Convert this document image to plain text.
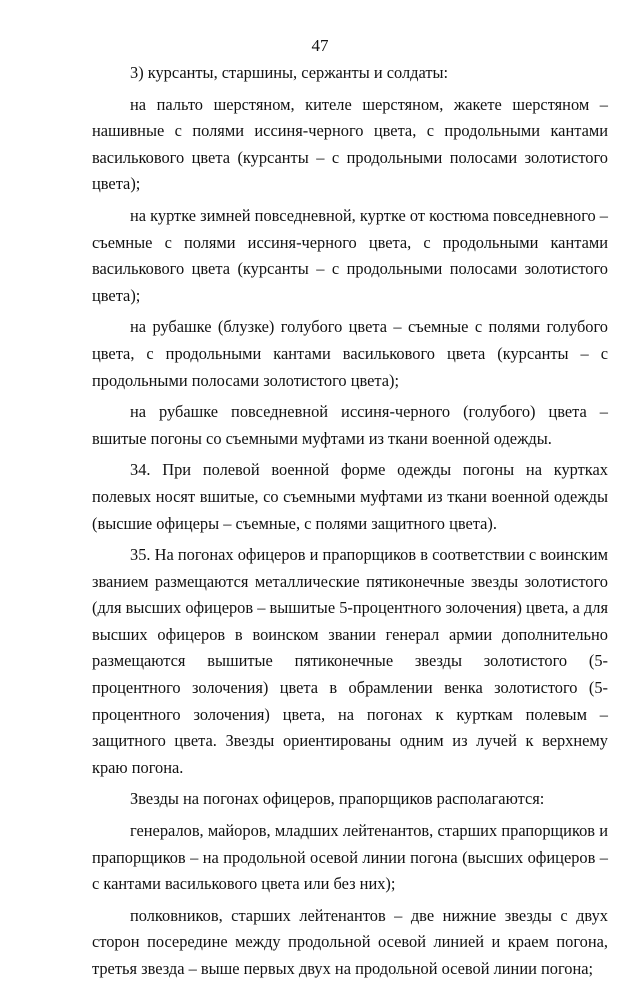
47

3) курсанты, старшины, сержанты и солдаты:

на пальто шерстяном, кителе шерстяном, жакете шерстяном – нашивные с полями иссиня-черного цвета, с продольными кантами василькового цвета (курсанты – с продольными полосами золотистого цвета);

на куртке зимней повседневной, куртке от костюма повседневного – съемные с полями иссиня-черного цвета, с продольными кантами василькового цвета (курсанты – с продольными полосами золотистого цвета);

на рубашке (блузке) голубого цвета – съемные с полями голубого цвета, с продольными кантами василькового цвета (курсанты – с продольными полосами золотистого цвета);

на рубашке повседневной иссиня-черного (голубого) цвета – вшитые погоны со съемными муфтами из ткани военной одежды.

34. При полевой военной форме одежды погоны на куртках полевых носят вшитые, со съемными муфтами из ткани военной одежды (высшие офицеры – съемные, с полями защитного цвета).

35. На погонах офицеров и прапорщиков в соответствии с воинским званием размещаются металлические пятиконечные звезды золотистого (для высших офицеров – вышитые 5-процентного золочения) цвета, а для высших офицеров в воинском звании генерал армии дополнительно размещаются вышитые пятиконечные звезды золотистого (5-процентного золочения) цвета в обрамлении венка золотистого (5-процентного золочения) цвета, на погонах к курткам полевым – защитного цвета. Звезды ориентированы одним из лучей к верхнему краю погона.

Звезды на погонах офицеров, прапорщиков располагаются:

генералов, майоров, младших лейтенантов, старших прапорщиков и прапорщиков – на продольной осевой линии погона (высших офицеров – с кантами василькового цвета или без них);

полковников, старших лейтенантов – две нижние звезды с двух сторон посередине между продольной осевой линией и краем погона, третья звезда – выше первых двух на продольной осевой линии погона;
